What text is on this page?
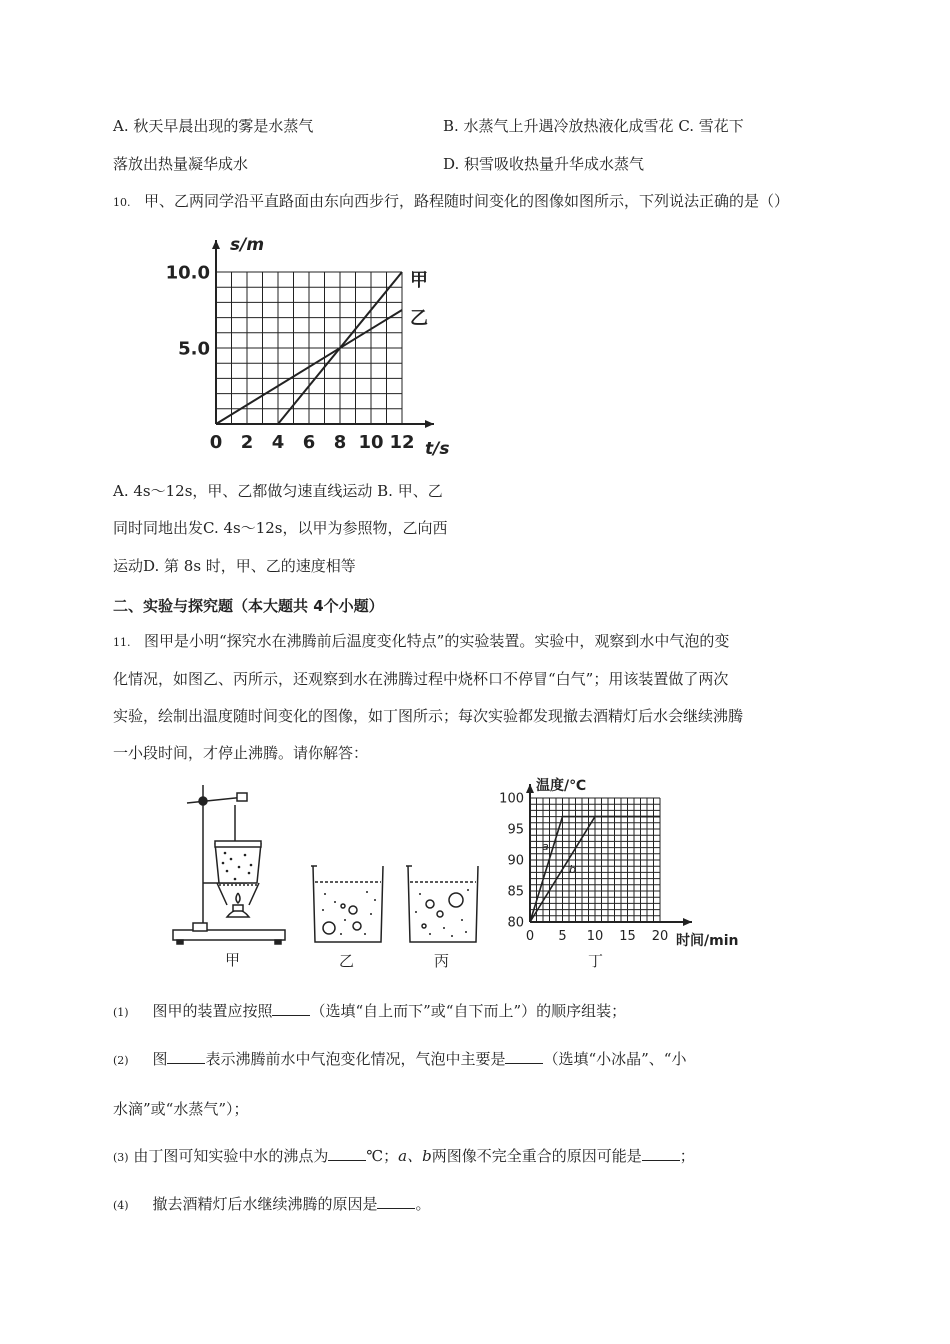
A. 秋天早晨出现的雾是水蒸气	B. 水蒸气上升遇冷放热液化成雪花 C. 雪花下
落放出热量凝华成水	D. 积雪吸收热量升华成水蒸气
10. 甲、乙两同学沿平直路面由东向西步行，路程随时间变化的图像如图所示，下列说法正确的是（）
0 2 4 6 8 10 12
5.0
10.0
s/m
t/s
甲
乙
A. 4s～12s，甲、乙都做匀速直线运动 B. 甲、乙
同时同地出发C. 4s～12s，以甲为参照物，乙向西
运动D. 第 8s 时，甲、乙的速度相等
二、实验与探究题（本大题共 4个小题）
11. 图甲是小明“探究水在沸腾前后温度变化特点”的实验装置。实验中，观察到水中气泡的变
化情况，如图乙、丙所示，还观察到水在沸腾过程中烧杯口不停冒“白气”；用该装置做了两次
实验，绘制出温度随时间变化的图像，如丁图所示；每次实验都发现撤去酒精灯后水会继续沸腾
一小段时间，才停止沸腾。请你解答：
甲	乙	丙
0 5 10 15 20
80
85
90
95
100
温度/℃
时间/min
a
b
丁
(1) 图甲的装置应按照	（选填“自上而下”或“自下而上”）的顺序组装；
(2) 图	表示沸腾前水中气泡变化情况，气泡中主要是	（选填“小冰晶”、“小
水滴”或“水蒸气”）；
(3) 由丁图可知实验中水的沸点为	℃；a、b两图像不完全重合的原因可能是	；
(4) 撤去酒精灯后水继续沸腾的原因是	。
